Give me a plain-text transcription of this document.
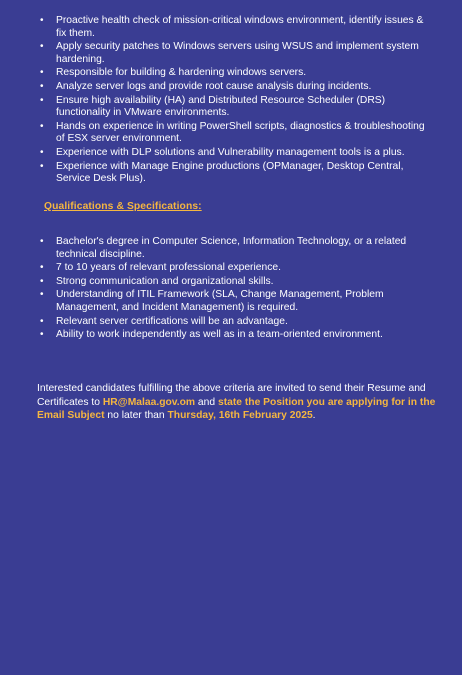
• Proactive health check of mission-critical windows environment, identify issues & fix them.
• Apply security patches to Windows servers using WSUS and implement system hardening.
• Responsible for building & hardening windows servers.
• Analyze server logs and provide root cause analysis during incidents.
• Ensure high availability (HA) and Distributed Resource Scheduler (DRS) functionality in VMware environments.
• Hands on experience in writing PowerShell scripts, diagnostics & troubleshooting of ESX server environment.
• Experience with DLP solutions and Vulnerability management tools is a plus.
• Experience with Manage Engine productions (OPManager, Desktop Central, Service Desk Plus).
Qualifications & Specifications:
• Bachelor's degree in Computer Science, Information Technology, or a related technical discipline.
• 7 to 10 years of relevant professional experience.
• Strong communication and organizational skills.
• Understanding of ITIL Framework (SLA, Change Management, Problem Management, and Incident Management) is required.
• Relevant server certifications will be an advantage.
• Ability to work independently as well as in a team-oriented environment.

Interested candidates fulfilling the above criteria are invited to send their Resume and Certificates to HR@Malaa.gov.om and state the Position you are applying for in the Email Subject no later than Thursday, 16th February 2025.
